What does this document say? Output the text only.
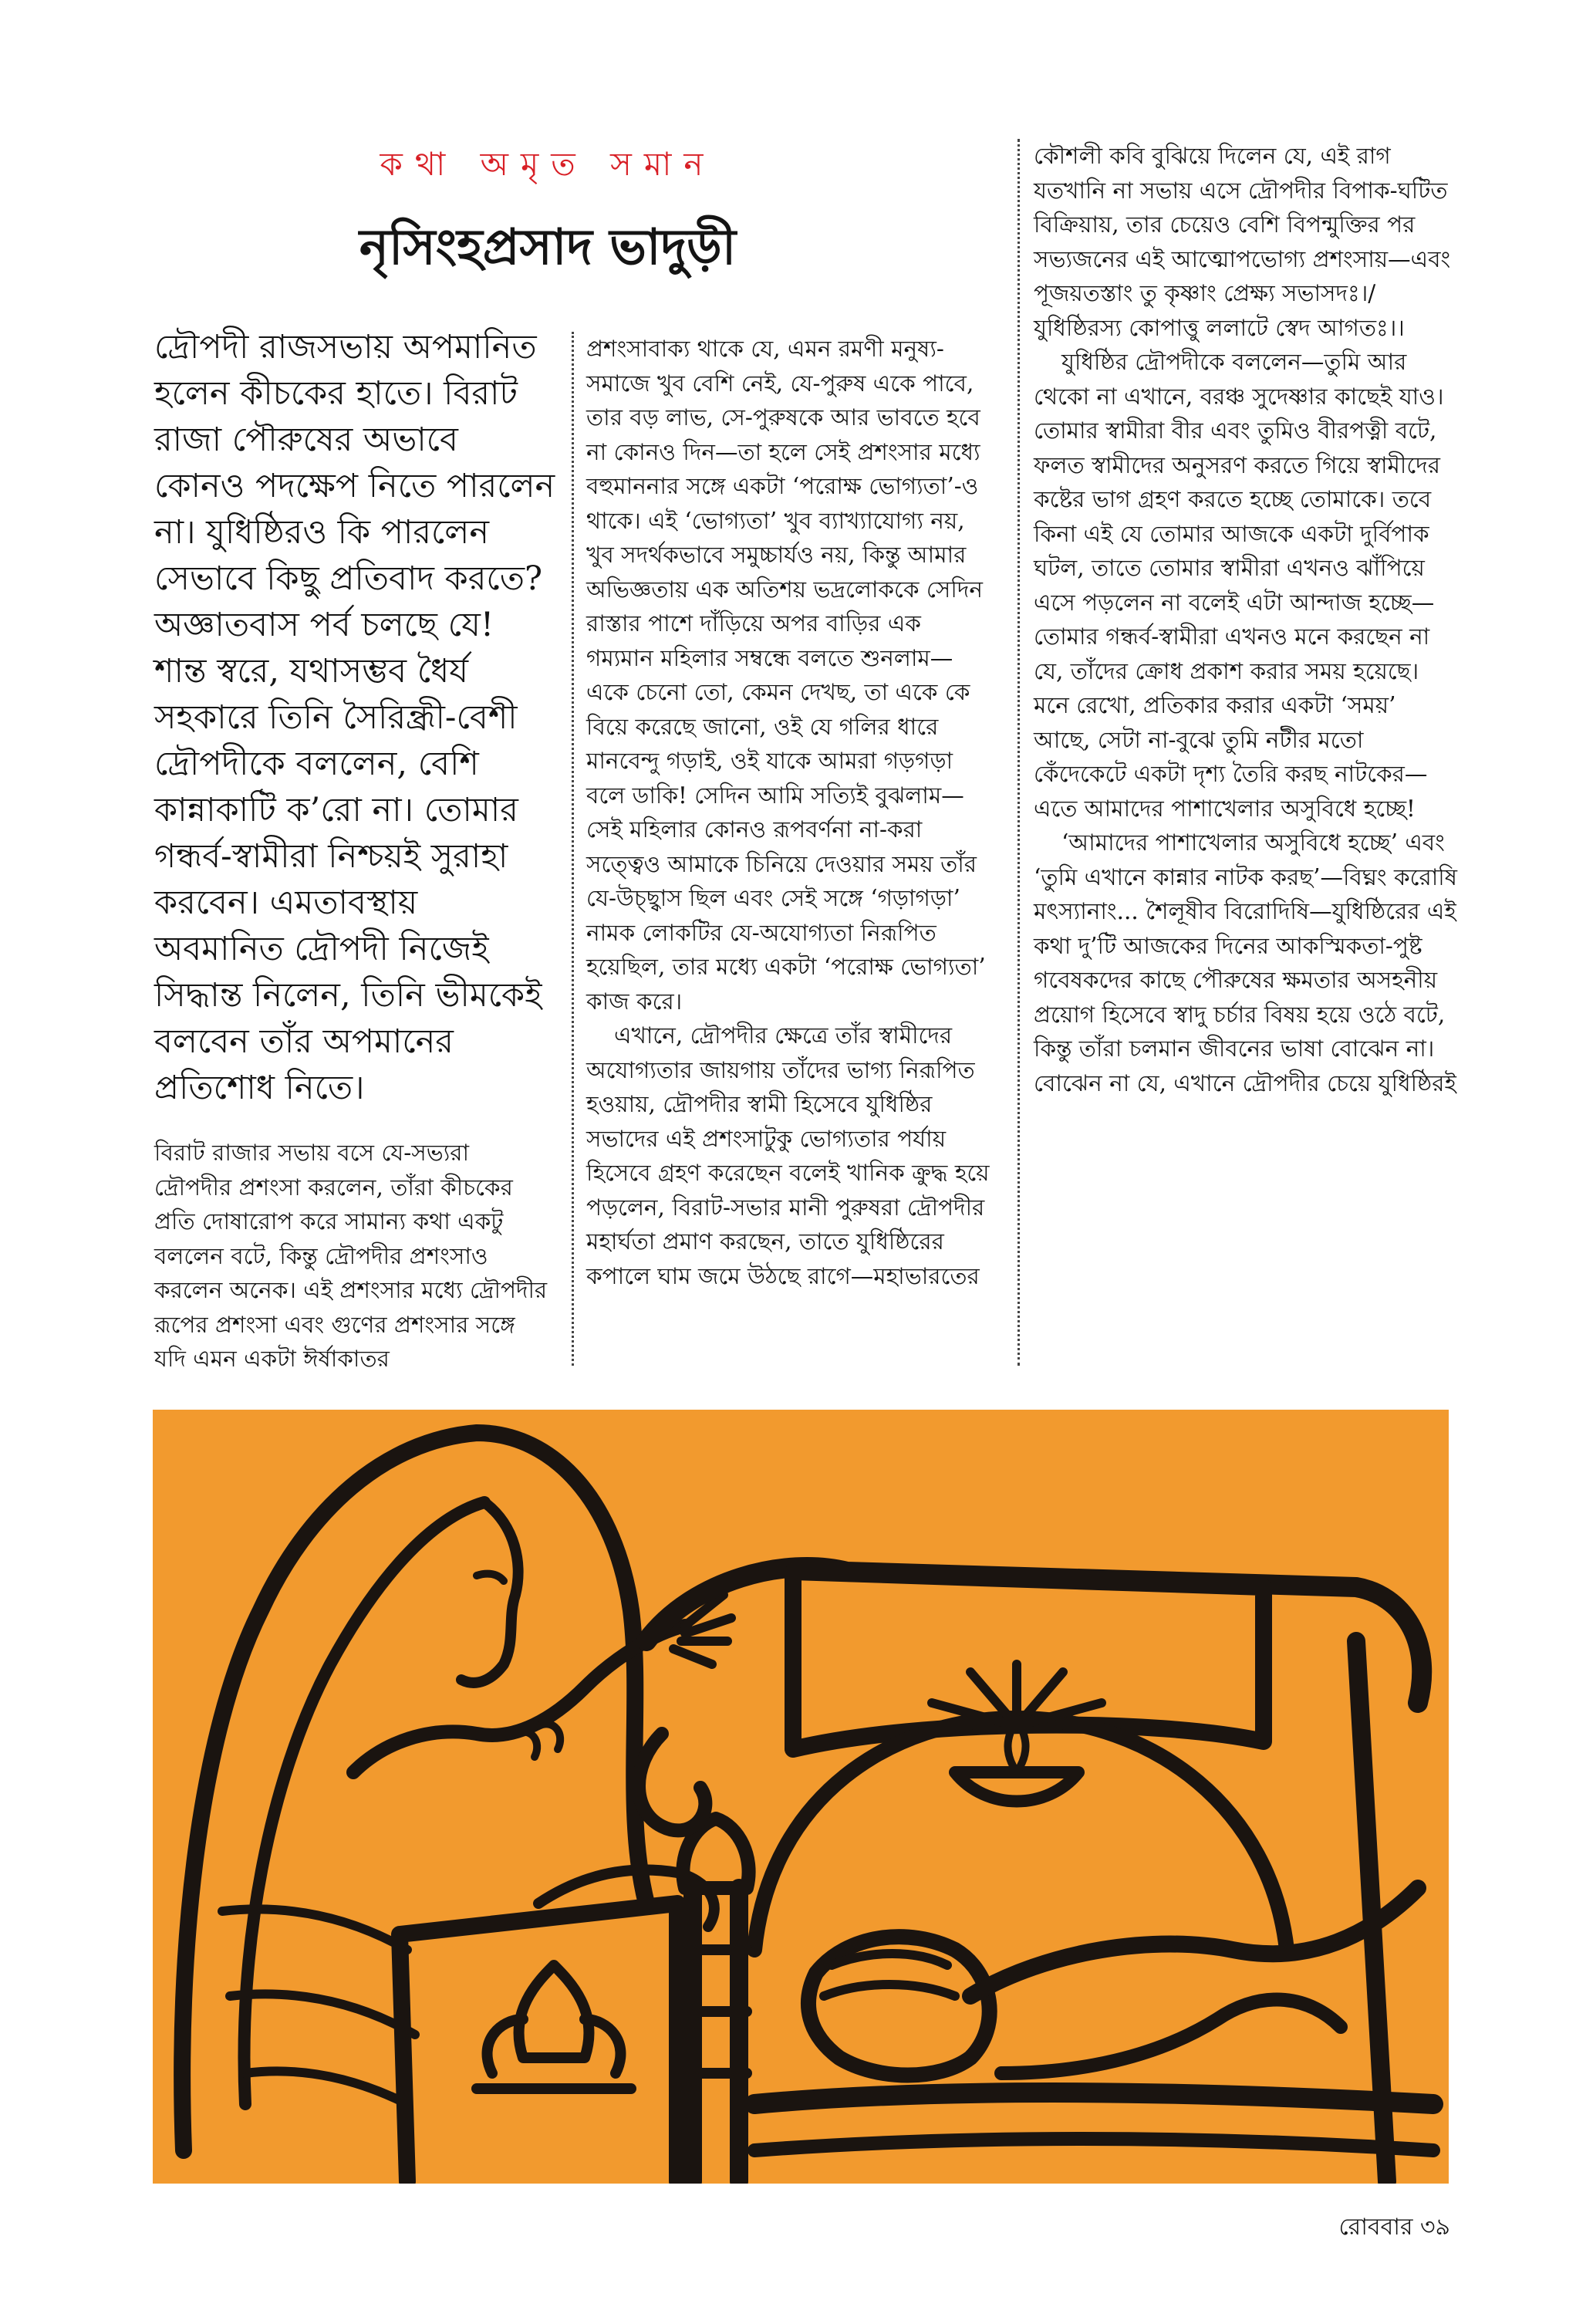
কথা অমৃত সমান
নৃসিংহপ্রসাদ ভাদুড়ী

দ্রৌপদী রাজসভায় অপমানিত হলেন কীচকের হাতে। বিরাট রাজা পৌরুষের অভাবে কোনও পদক্ষেপ নিতে পারলেন না। যুধিষ্ঠিরও কি পারলেন সেভাবে কিছু প্রতিবাদ করতে? অজ্ঞাতবাস পর্ব চলছে যে! শান্ত স্বরে, যথাসম্ভব ধৈর্য সহকারে তিনি সৈরিন্ধ্রী-বেশী দ্রৌপদীকে বললেন, বেশি কান্নাকাটি ক’রো না। তোমার গন্ধর্ব-স্বামীরা নিশ্চয়ই সুরাহা করবেন। এমতাবস্থায় অবমানিত দ্রৌপদী নিজেই সিদ্ধান্ত নিলেন, তিনি ভীমকেই বলবেন তাঁর অপমানের প্রতিশোধ নিতে।

বিরাট রাজার সভায় বসে যে-সভ্যরা দ্রৌপদীর প্রশংসা করলেন, তাঁরা কীচকের প্রতি দোষারোপ করে সামান্য কথা একটু বললেন বটে, কিন্তু দ্রৌপদীর প্রশংসাও করলেন অনেক। এই প্রশংসার মধ্যে দ্রৌপদীর রূপের প্রশংসা এবং গুণের প্রশংসার সঙ্গে যদি এমন একটা ঈর্ষাকাতর

প্রশংসাবাক্য থাকে যে, এমন রমণী মনুষ্য-সমাজে খুব বেশি নেই, যে-পুরুষ একে পাবে, তার বড় লাভ, সে-পুরুষকে আর ভাবতে হবে না কোনও দিন—তা হলে সেই প্রশংসার মধ্যে বহুমাননার সঙ্গে একটা ‘পরোক্ষ ভোগ্যতা’-ও থাকে। এই ‘ভোগ্যতা’ খুব ব্যাখ্যাযোগ্য নয়, খুব সদর্থকভাবে সমুচ্চার্যও নয়, কিন্তু আমার অভিজ্ঞতায় এক অতিশয় ভদ্রলোককে সেদিন রাস্তার পাশে দাঁড়িয়ে অপর বাড়ির এক গম্যমান মহিলার সম্বন্ধে বলতে শুনলাম—একে চেনো তো, কেমন দেখছ, তা একে কে বিয়ে করেছে জানো, ওই যে গলির ধারে মানবেন্দু গড়াই, ওই যাকে আমরা গড়গড়া বলে ডাকি! সেদিন আমি সত্যিই বুঝলাম—সেই মহিলার কোনও রূপবর্ণনা না-করা সত্ত্বেও আমাকে চিনিয়ে দেওয়ার সময় তাঁর যে-উচ্ছ্বাস ছিল এবং সেই সঙ্গে ‘গড়াগড়া’ নামক লোকটির যে-অযোগ্যতা নিরূপিত হয়েছিল, তার মধ্যে একটা ‘পরোক্ষ ভোগ্যতা’ কাজ করে।

এখানে, দ্রৌপদীর ক্ষেত্রে তাঁর স্বামীদের অযোগ্যতার জায়গায় তাঁদের ভাগ্য নিরূপিত হওয়ায়, দ্রৌপদীর স্বামী হিসেবে যুধিষ্ঠির সভাদের এই প্রশংসাটুকু ভোগ্যতার পর্যায় হিসেবে গ্রহণ করেছেন বলেই খানিক ক্রুদ্ধ হয়ে পড়লেন, বিরাট-সভার মানী পুরুষরা দ্রৌপদীর মহার্ঘতা প্রমাণ করছেন, তাতে যুধিষ্ঠিরের কপালে ঘাম জমে উঠছে রাগে—মহাভারতের

কৌশলী কবি বুঝিয়ে দিলেন যে, এই রাগ যতখানি না সভায় এসে দ্রৌপদীর বিপাক-ঘটিত বিক্রিয়ায়, তার চেয়েও বেশি বিপন্মুক্তির পর সভ্যজনের এই আত্মোপভোগ্য প্রশংসায়—এবং পূজয়তস্তাং তু কৃষ্ণাং প্রেক্ষ্য সভাসদঃ।/যুধিষ্ঠিরস্য কোপাত্তু ললাটে স্বেদ আগতঃ।।

যুধিষ্ঠির দ্রৌপদীকে বললেন—তুমি আর থেকো না এখানে, বরঞ্চ সুদেষ্ণার কাছেই যাও। তোমার স্বামীরা বীর এবং তুমিও বীরপত্নী বটে, ফলত স্বামীদের অনুসরণ করতে গিয়ে স্বামীদের কষ্টের ভাগ গ্রহণ করতে হচ্ছে তোমাকে। তবে কিনা এই যে তোমার আজকে একটা দুর্বিপাক ঘটল, তাতে তোমার স্বামীরা এখনও ঝাঁপিয়ে এসে পড়লেন না বলেই এটা আন্দাজ হচ্ছে—তোমার গন্ধর্ব-স্বামীরা এখনও মনে করছেন না যে, তাঁদের ক্রোধ প্রকাশ করার সময় হয়েছে। মনে রেখো, প্রতিকার করার একটা ‘সময়’ আছে, সেটা না-বুঝে তুমি নটীর মতো কেঁদেকেটে একটা দৃশ্য তৈরি করছ নাটকের—এতে আমাদের পাশাখেলার অসুবিধে হচ্ছে!

‘আমাদের পাশাখেলার অসুবিধে হচ্ছে’ এবং ‘তুমি এখানে কান্নার নাটক করছ’—বিঘ্নং করোষি মৎস্যানাং... শৈলূষীব বিরোদিষি—যুধিষ্ঠিরের এই কথা দু’টি আজকের দিনের আকস্মিকতা-পুষ্ট গবেষকদের কাছে পৌরুষের ক্ষমতার অসহনীয় প্রয়োগ হিসেবে স্বাদু চর্চার বিষয় হয়ে ওঠে বটে, কিন্তু তাঁরা চলমান জীবনের ভাষা বোঝেন না। বোঝেন না যে, এখানে দ্রৌপদীর চেয়ে যুধিষ্ঠিরই

রোববার ৩৯
